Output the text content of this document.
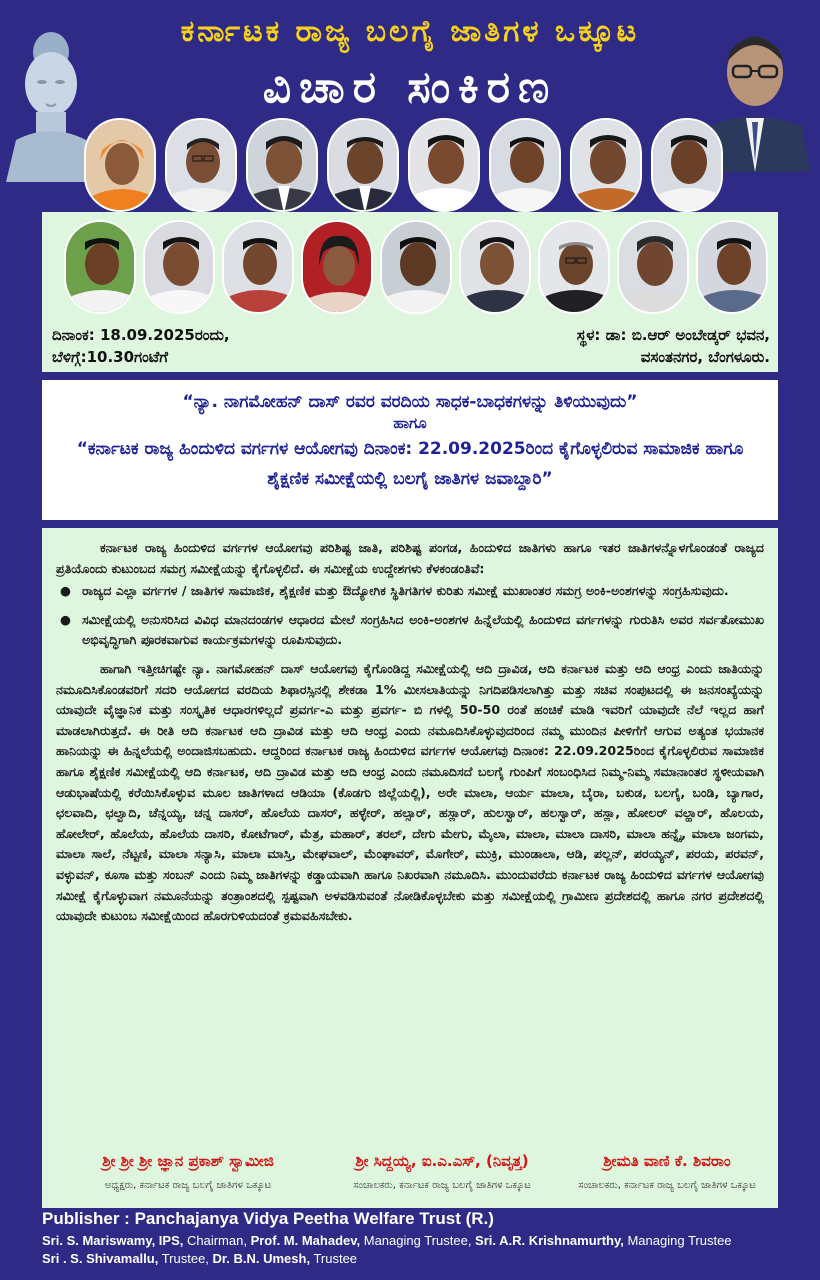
ಕರ್ನಾಟಕ ರಾಜ್ಯ ಬಲಗೈ ಜಾತಿಗಳ ಒಕ್ಕೂಟ
ವಿಚಾರ ಸಂಕಿರಣ
ದಿನಾಂಕ: 18.09.2025ರಂದು,
ಬೆಳಿಗ್ಗೆ:10.30ಗಂಟೆಗೆ
ಸ್ಥಳ: ಡಾ: ಬಿ.ಆರ್ ಅಂಬೇಡ್ಕರ್ ಭವನ,
ವಸಂತನಗರ, ಬೆಂಗಳೂರು.
“ನ್ಯಾ. ನಾಗಮೋಹನ್ ದಾಸ್ ರವರ ವರದಿಯ ಸಾಧಕ-ಬಾಧಕಗಳನ್ನು ತಿಳಿಯುವುದು”
ಹಾಗೂ
“ಕರ್ನಾಟಕ ರಾಜ್ಯ ಹಿಂದುಳಿದ ವರ್ಗಗಳ ಆಯೋಗವು ದಿನಾಂಕ: 22.09.2025ರಿಂದ ಕೈಗೊಳ್ಳಲಿರುವ ಸಾಮಾಜಿಕ ಹಾಗೂ ಶೈಕ್ಷಣಿಕ ಸಮೀಕ್ಷೆಯಲ್ಲಿ ಬಲಗೈ ಜಾತಿಗಳ ಜವಾಬ್ದಾರಿ”

ಕರ್ನಾಟಕ ರಾಜ್ಯ ಹಿಂದುಳಿದ ವರ್ಗಗಳ ಆಯೋಗವು ಪರಿಶಿಷ್ಟ ಜಾತಿ, ಪರಿಶಿಷ್ಟ ಪಂಗಡ, ಹಿಂದುಳಿದ ಜಾತಿಗಳು ಹಾಗೂ ಇತರ ಜಾತಿಗಳನ್ನೊಳಗೊಂಡಂತೆ ರಾಜ್ಯದ ಪ್ರತಿಯೊಂದು ಕುಟುಂಬದ ಸಮಗ್ರ ಸಮೀಕ್ಷೆಯನ್ನು ಕೈಗೊಳ್ಳಲಿದೆ. ಈ ಸಮೀಕ್ಷೆಯ ಉದ್ದೇಶಗಳು ಕೆಳಕಂಡಂತಿವೆ:

● ರಾಜ್ಯದ ಎಲ್ಲಾ ವರ್ಗಗಳ / ಜಾತಿಗಳ ಸಾಮಾಜಿಕ, ಶೈಕ್ಷಣಿಕ ಮತ್ತು ಔದ್ಯೋಗಿಕ ಸ್ಥಿತಿಗತಿಗಳ ಕುರಿತು ಸಮೀಕ್ಷೆ ಮುಖಾಂತರ ಸಮಗ್ರ ಅಂಕಿ-ಅಂಶಗಳನ್ನು ಸಂಗ್ರಹಿಸುವುದು.
● ಸಮೀಕ್ಷೆಯಲ್ಲಿ ಅನುಸರಿಸಿದ ವಿವಿಧ ಮಾನದಂಡಗಳ ಆಧಾರದ ಮೇಲೆ ಸಂಗ್ರಹಿಸಿದ ಅಂಕಿ-ಅಂಶಗಳ ಹಿನ್ನೆಲೆಯಲ್ಲಿ ಹಿಂದುಳಿದ ವರ್ಗಗಳನ್ನು ಗುರುತಿಸಿ ಅವರ ಸರ್ವತೋಮುಖ ಅಭಿವೃದ್ಧಿಗಾಗಿ ಪೂರಕವಾಗುವ ಕಾರ್ಯಕ್ರಮಗಳನ್ನು ರೂಪಿಸುವುದು.

ಹಾಗಾಗಿ ಇತ್ತೀಚಿಗಷ್ಟೇ ನ್ಯಾ. ನಾಗಮೋಹನ್ ದಾಸ್ ಆಯೋಗವು ಕೈಗೊಂಡಿದ್ದ ಸಮೀಕ್ಷೆಯಲ್ಲಿ ಆದಿ ದ್ರಾವಿಡ, ಆದಿ ಕರ್ನಾಟಕ ಮತ್ತು ಆದಿ ಆಂಧ್ರ ಎಂದು ಜಾತಿಯನ್ನು ನಮೂದಿಸಿಕೊಂಡವರಿಗೆ ಸದರಿ ಆಯೋಗದ ವರದಿಯ ಶಿಫಾರಸ್ಸಿನಲ್ಲಿ ಶೇಕಡಾ 1% ಮೀಸಲಾತಿಯನ್ನು ನಿಗದಿಪಡಿಸಲಾಗಿತ್ತು ಮತ್ತು ಸಚಿವ ಸಂಪುಟದಲ್ಲಿ ಈ ಜನಸಂಖ್ಯೆಯನ್ನು ಯಾವುದೇ ವೈಜ್ಞಾನಿಕ ಮತ್ತು ಸಂಸ್ಕೃತಿಕ ಆಧಾರಗಳಿಲ್ಲದೆ ಪ್ರವರ್ಗ-ಎ ಮತ್ತು ಪ್ರವರ್ಗ- ಬಿ ಗಳಲ್ಲಿ 50-50 ರಂತೆ ಹಂಚಿಕೆ ಮಾಡಿ ಇವರಿಗೆ ಯಾವುದೇ ನೆಲೆ ಇಲ್ಲದ ಹಾಗೆ ಮಾಡಲಾಗಿರುತ್ತದೆ. ಈ ರೀತಿ ಆದಿ ಕರ್ನಾಟಕ ಆದಿ ದ್ರಾವಿಡ ಮತ್ತು ಆದಿ ಆಂಧ್ರ ಎಂದು ನಮೂದಿಸಿಕೊಳ್ಳುವುದರಿಂದ ನಮ್ಮ ಮುಂದಿನ ಪೀಳಿಗೆಗೆ ಆಗುವ ಅತ್ಯಂತ ಭಯಾನಕ ಹಾನಿಯನ್ನು ಈ ಹಿನ್ನಲೆಯಲ್ಲಿ ಅಂದಾಜಿಸಬಹುದು. ಆದ್ದರಿಂದ ಕರ್ನಾಟಕ ರಾಜ್ಯ ಹಿಂದುಳಿದ ವರ್ಗಗಳ ಆಯೋಗವು ದಿನಾಂಕ: 22.09.2025ರಿಂದ ಕೈಗೊಳ್ಳಲಿರುವ ಸಾಮಾಜಿಕ ಹಾಗೂ ಶೈಕ್ಷಣಿಕ ಸಮೀಕ್ಷೆಯಲ್ಲಿ ಆದಿ ಕರ್ನಾಟಕ, ಆದಿ ದ್ರಾವಿಡ ಮತ್ತು ಆದಿ ಆಂಧ್ರ ಎಂದು ನಮೂದಿಸದೆ ಬಲಗೈ ಗುಂಪಿಗೆ ಸಂಬಂಧಿಸಿದ ನಿಮ್ಮ-ನಿಮ್ಮ ಸಮಾನಾಂತರ ಸ್ಥಳೀಯವಾಗಿ ಆಡುಭಾಷೆಯಲ್ಲಿ ಕರೆಯಿಸಿಕೊಳ್ಳುವ ಮೂಲ ಜಾತಿಗಳಾದ ಆಡಿಯಾ (ಕೊಡಗು ಜಿಲ್ಲೆಯಲ್ಲಿ), ಅರೇ ಮಾಲಾ, ಆರ್ಯ ಮಾಲಾ, ಬೈರಾ, ಬಕುಡ, ಬಲಗೈ, ಬಂಡಿ, ಬ್ಯಾಗಾರ, ಛಲವಾದಿ, ಛಲ್ವಾದಿ, ಚೆನ್ನಯ್ಯ, ಚನ್ನ ದಾಸರ್, ಹೊಲೆಯ ದಾಸರ್, ಹಳ್ಳೇರ್, ಹಲ್ಸಾರ್, ಹಸ್ಲಾರ್, ಹುಲಸ್ವಾರ್, ಹಲಸ್ವಾರ್, ಹಸ್ಲಾ, ಹೋಲರ್ ವಲ್ಹಾರ್, ಹೊಲಯ, ಹೋಲೇರ್, ಹೊಲೆಯ, ಹೊಲೆಯ ದಾಸರಿ, ಕೋಟೆಗಾರ್, ಮೆತ್ರ, ಮಹಾರ್, ತರಲ್, ದೇಗು ಮೇಗು, ಮೈಲಾ, ಮಾಲಾ, ಮಾಲಾ ದಾಸರಿ, ಮಾಲಾ ಹನ್ನೈ, ಮಾಲಾ ಜಂಗಮ, ಮಾಲಾ ಸಾಲೆ, ನೆಟ್ಟಣಿ, ಮಾಲಾ ಸನ್ಯಾಸಿ, ಮಾಲಾ ಮಾಸ್ತಿ, ಮೇಘವಾಲ್, ಮೆಂಘಾವರ್, ಮೊಗೇರ್, ಮುಕ್ರಿ, ಮುಂಡಾಲಾ, ಆಡಿ, ಪಲ್ಲನ್, ಪರಯ್ಯನ್, ಪರಯ, ಪರವನ್, ವಳ್ಳುವನ್, ಕೂಸಾ ಮತ್ತು ಸಂಬನ್ ಎಂದು ನಿಮ್ಮ ಜಾತಿಗಳನ್ನು ಕಡ್ಡಾಯವಾಗಿ ಹಾಗೂ ನಿಖರವಾಗಿ ನಮೂದಿಸಿ. ಮುಂದುವರೆದು ಕರ್ನಾಟಕ ರಾಜ್ಯ ಹಿಂದುಳಿದ ವರ್ಗಗಳ ಆಯೋಗವು ಸಮೀಕ್ಷೆ ಕೈಗೊಳ್ಳುವಾಗ ನಮೂನೆಯನ್ನು ತಂತ್ರಾಂಶದಲ್ಲಿ ಸ್ಪಷ್ಟವಾಗಿ ಅಳವಡಿಸುವಂತೆ ನೋಡಿಕೊಳ್ಳಬೇಕು ಮತ್ತು ಸಮೀಕ್ಷೆಯಲ್ಲಿ ಗ್ರಾಮೀಣ ಪ್ರದೇಶದಲ್ಲಿ ಹಾಗೂ ನಗರ ಪ್ರದೇಶದಲ್ಲಿ ಯಾವುದೇ ಕುಟುಂಬ ಸಮೀಕ್ಷೆಯಿಂದ ಹೊರಗುಳಿಯದಂತೆ ಕ್ರಮವಹಿಸಬೇಕು.

ಶ್ರೀ ಶ್ರೀ ಶ್ರೀ ಜ್ಞಾನ ಪ್ರಕಾಶ್ ಸ್ವಾಮೀಜಿ
ಅಧ್ಯಕ್ಷರು, ಕರ್ನಾಟಕ ರಾಜ್ಯ ಬಲಗೈ ಜಾತಿಗಳ ಒಕ್ಕೂಟ
ಶ್ರೀ ಸಿದ್ದಯ್ಯ, ಐ.ಎ.ಎಸ್, (ನಿವೃತ್ತ)
ಸಂಚಾಲಕರು, ಕರ್ನಾಟಕ ರಾಜ್ಯ ಬಲಗೈ ಜಾತಿಗಳ ಒಕ್ಕೂಟ
ಶ್ರೀಮತಿ ವಾಣಿ ಕೆ. ಶಿವರಾಂ
ಸಂಚಾಲಕರು, ಕರ್ನಾಟಕ ರಾಜ್ಯ ಬಲಗೈ ಜಾತಿಗಳ ಒಕ್ಕೂಟ
Publisher : Panchajanya Vidya Peetha Welfare Trust (R.)
Sri. S. Mariswamy, IPS, Chairman, Prof. M. Mahadev, Managing Trustee, Sri. A.R. Krishnamurthy, Managing Trustee
Sri . S. Shivamallu, Trustee, Dr. B.N. Umesh, Trustee
